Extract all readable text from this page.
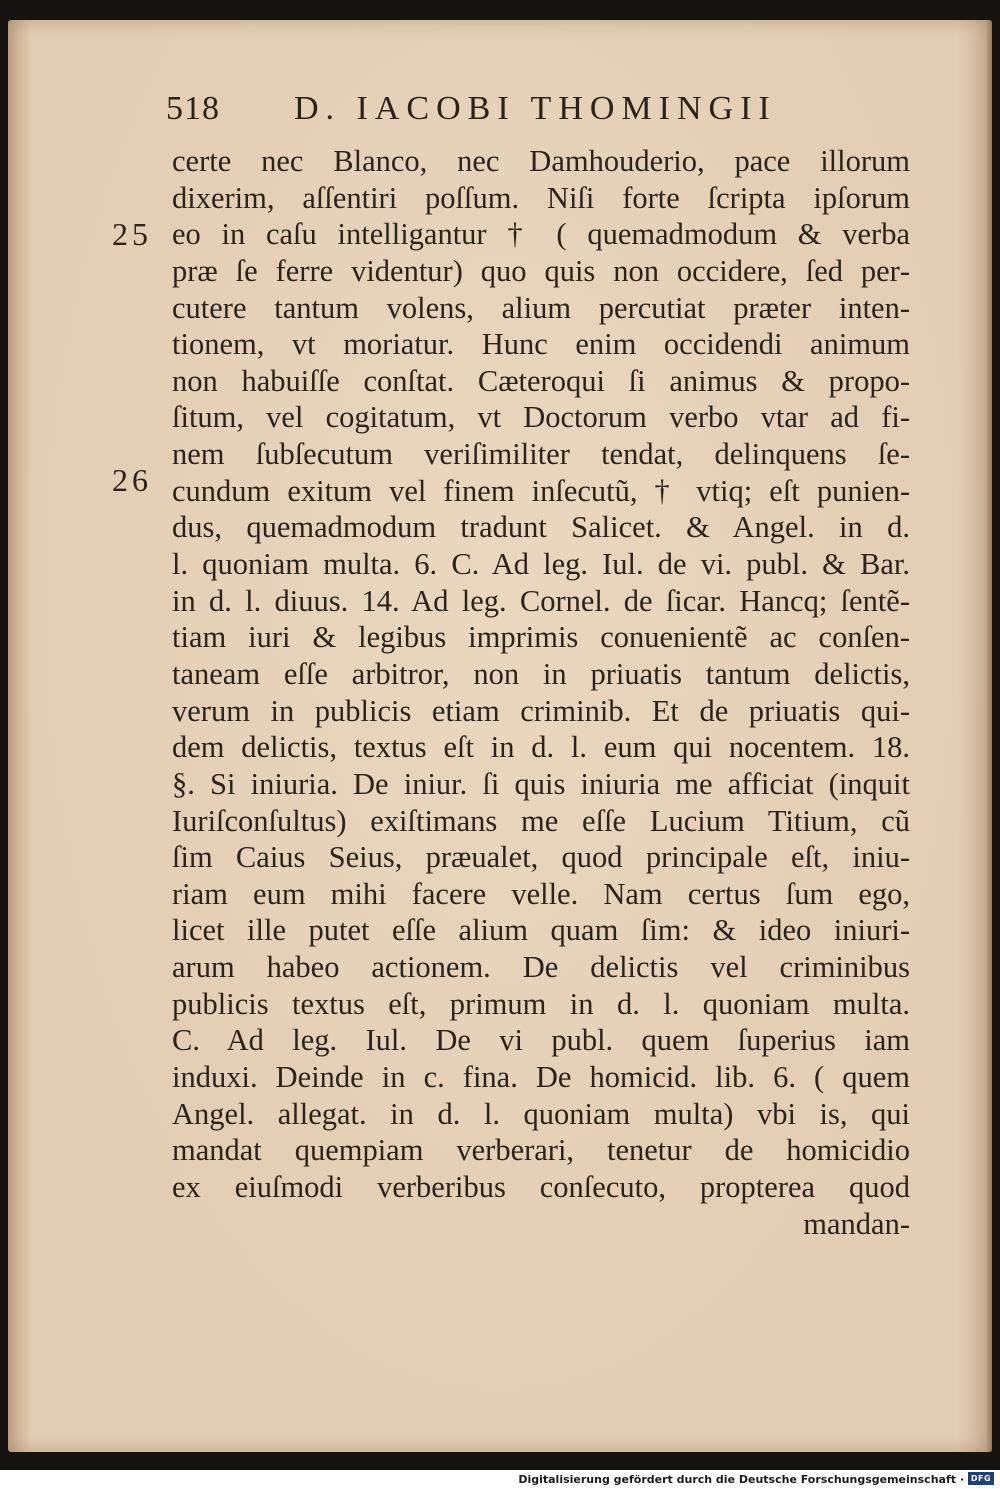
518 D. IACOBI THOMINGII
25
26
certe nec Blanco, nec Damhouderio, pace illorum
dixerim, aſſentiri poſſum. Niſi forte ſcripta ipſorum
eo in caſu intelligantur † ( quemadmodum & verba
præ ſe ferre videntur) quo quis non occidere, ſed per‑
cutere tantum volens, alium percutiat præter inten‑
tionem, vt moriatur. Hunc enim occidendi animum
non habuiſſe conſtat. Cæteroqui ſi animus & propo‑
ſitum, vel cogitatum, vt Doctorum verbo vtar ad fi‑
nem ſubſecutum veriſimiliter tendat, delinquens ſe‑
cundum exitum vel finem inſecutũ, † vtiq; eſt punien‑
dus, quemadmodum tradunt Salicet. & Angel. in d.
l. quoniam multa. 6. C. Ad leg. Iul. de vi. publ. & Bar.
in d. l. diuus. 14. Ad leg. Cornel. de ſicar. Hancq; ſentẽ‑
tiam iuri & legibus imprimis conuenientẽ ac conſen‑
taneam eſſe arbitror, non in priuatis tantum delictis,
verum in publicis etiam criminib. Et de priuatis qui‑
dem delictis, textus eſt in d. l. eum qui nocentem. 18.
§. Si iniuria. De iniur. ſi quis iniuria me afficiat (inquit
Iuriſconſultus) exiſtimans me eſſe Lucium Titium, cũ
ſim Caius Seius, præualet, quod principale eſt, iniu‑
riam eum mihi facere velle. Nam certus ſum ego,
licet ille putet eſſe alium quam ſim: & ideo iniuri‑
arum habeo actionem. De delictis vel criminibus
publicis textus eſt, primum in d. l. quoniam multa.
C. Ad leg. Iul. De vi publ. quem ſuperius iam
induxi. Deinde in c. fina. De homicid. lib. 6. ( quem
Angel. allegat. in d. l. quoniam multa) vbi is, qui
mandat quempiam verberari, tenetur de homicidio
ex eiuſmodi verberibus conſecuto, propterea quod
mandan‑
Digitalisierung gefördert durch die Deutsche Forschungsgemeinschaft · DFG
